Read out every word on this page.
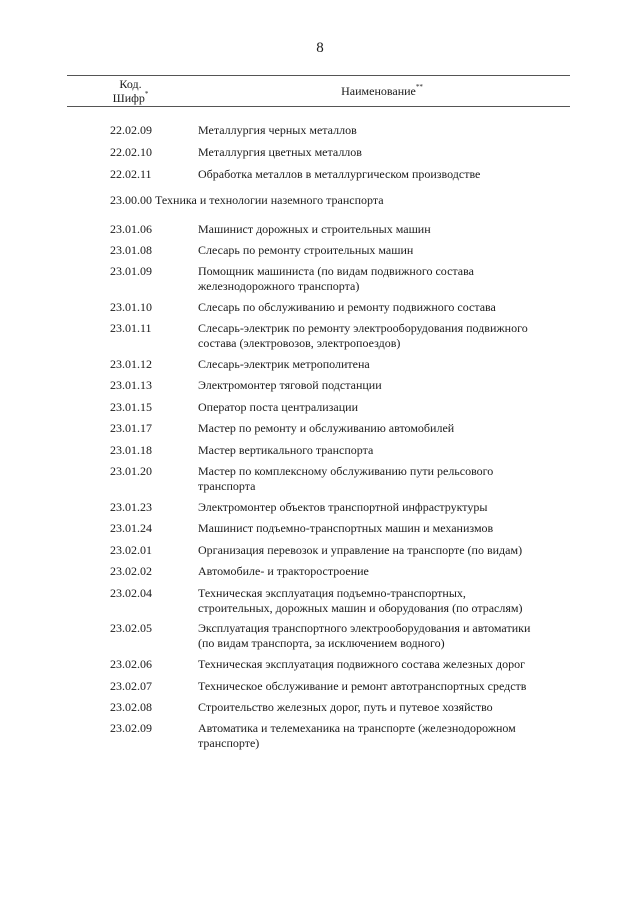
8
Код.
Шифр*	Наименование**
22.02.09	Металлургия черных металлов
22.02.10	Металлургия цветных металлов
22.02.11	Обработка металлов в металлургическом производстве
23.00.00 Техника и технологии наземного транспорта
23.01.06	Машинист дорожных и строительных машин
23.01.08	Слесарь по ремонту строительных машин
23.01.09	Помощник машиниста (по видам подвижного состава
железнодорожного транспорта)
23.01.10	Слесарь по обслуживанию и ремонту подвижного состава
23.01.11	Слесарь-электрик по ремонту электрооборудования подвижного
состава (электровозов, электропоездов)
23.01.12	Слесарь-электрик метрополитена
23.01.13	Электромонтер тяговой подстанции
23.01.15	Оператор поста централизации
23.01.17	Мастер по ремонту и обслуживанию автомобилей
23.01.18	Мастер вертикального транспорта
23.01.20	Мастер по комплексному обслуживанию пути рельсового
транспорта
23.01.23	Электромонтер объектов транспортной инфраструктуры
23.01.24	Машинист подъемно-транспортных машин и механизмов
23.02.01	Организация перевозок и управление на транспорте (по видам)
23.02.02	Автомобиле- и тракторостроение
23.02.04	Техническая эксплуатация подъемно-транспортных,
строительных, дорожных машин и оборудования (по отраслям)
23.02.05	Эксплуатация транспортного электрооборудования и автоматики
(по видам транспорта, за исключением водного)
23.02.06	Техническая эксплуатация подвижного состава железных дорог
23.02.07	Техническое обслуживание и ремонт автотранспортных средств
23.02.08	Строительство железных дорог, путь и путевое хозяйство
23.02.09	Автоматика и телемеханика на транспорте (железнодорожном
транспорте)
